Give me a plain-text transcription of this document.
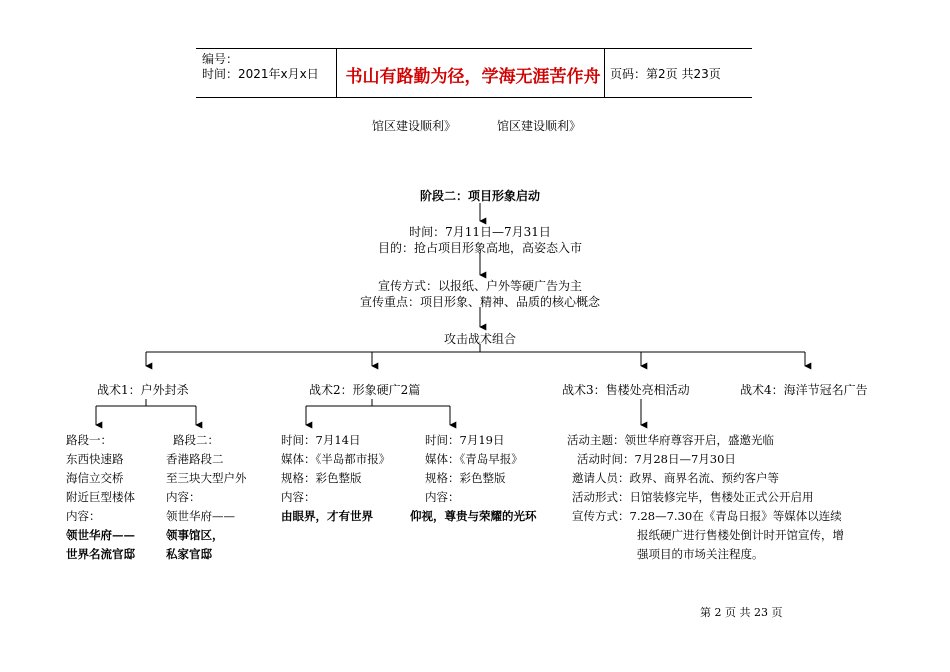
编号：
时间：2021年x月x日 书山有路勤为径，学海无涯苦作舟 页码：第2页 共23页
馆区建设顺利》	馆区建设顺利》
阶段二：项目形象启动
时间：7月11日—7月31日
目的：抢占项目形象高地，高姿态入市
宣传方式：以报纸、户外等硬广告为主
宣传重点：项目形象、精神、品质的核心概念
攻击战术组合
战术1：户外封杀	战术2：形象硬广2篇	战术3：售楼处亮相活动	战术4：海洋节冠名广告
路段一：
东西快速路
海信立交桥
附近巨型楼体
内容：
领世华府——
世界名流官邸
路段二：
香港路段二
至三块大型户外
内容：
领世华府——
领事馆区，
私家官邸
时间：7月14日
媒体：《半岛都市报》
规格：彩色整版
内容：
由眼界，才有世界
时间：7月19日
媒体：《青岛早报》
规格：彩色整版
内容：
仰视，尊贵与荣耀的光环
活动主题：领世华府尊容开启，盛邀光临
活动时间：7月28日—7月30日
邀请人员：政界、商界名流、预约客户等
活动形式：日馆装修完毕，售楼处正式公开启用
宣传方式：7.28—7.30在《青岛日报》等媒体以连续
报纸硬广进行售楼处倒计时开馆宣传，增
强项目的市场关注程度。
第 2 页 共 23 页
